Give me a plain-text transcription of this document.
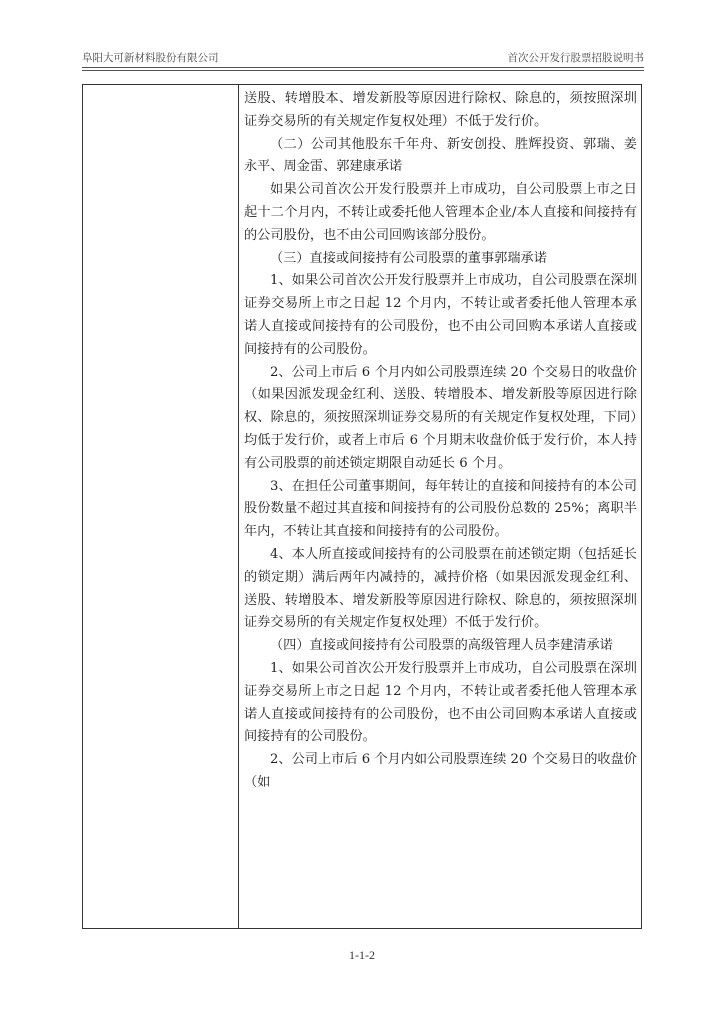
阜阳大可新材料股份有限公司	首次公开发行股票招股说明书

送股、转增股本、增发新股等原因进行除权、除息的，须按照深圳证券交易所的有关规定作复权处理）不低于发行价。

（二）公司其他股东千年舟、新安创投、胜辉投资、郭瑞、姜永平、周金雷、郭建康承诺

如果公司首次公开发行股票并上市成功，自公司股票上市之日起十二个月内，不转让或委托他人管理本企业/本人直接和间接持有的公司股份，也不由公司回购该部分股份。

（三）直接或间接持有公司股票的董事郭瑞承诺

1、如果公司首次公开发行股票并上市成功，自公司股票在深圳证券交易所上市之日起 12 个月内，不转让或者委托他人管理本承诺人直接或间接持有的公司股份，也不由公司回购本承诺人直接或间接持有的公司股份。

2、公司上市后 6 个月内如公司股票连续 20 个交易日的收盘价（如果因派发现金红利、送股、转增股本、增发新股等原因进行除权、除息的，须按照深圳证券交易所的有关规定作复权处理，下同）均低于发行价，或者上市后 6 个月期末收盘价低于发行价，本人持有公司股票的前述锁定期限自动延长 6 个月。

3、在担任公司董事期间，每年转让的直接和间接持有的本公司股份数量不超过其直接和间接持有的公司股份总数的 25%；离职半年内，不转让其直接和间接持有的公司股份。

4、本人所直接或间接持有的公司股票在前述锁定期（包括延长的锁定期）满后两年内减持的，减持价格（如果因派发现金红利、送股、转增股本、增发新股等原因进行除权、除息的，须按照深圳证券交易所的有关规定作复权处理）不低于发行价。

（四）直接或间接持有公司股票的高级管理人员李建清承诺

1、如果公司首次公开发行股票并上市成功，自公司股票在深圳证券交易所上市之日起 12 个月内，不转让或者委托他人管理本承诺人直接或间接持有的公司股份，也不由公司回购本承诺人直接或间接持有的公司股份。

2、公司上市后 6 个月内如公司股票连续 20 个交易日的收盘价（如

1-1-2
